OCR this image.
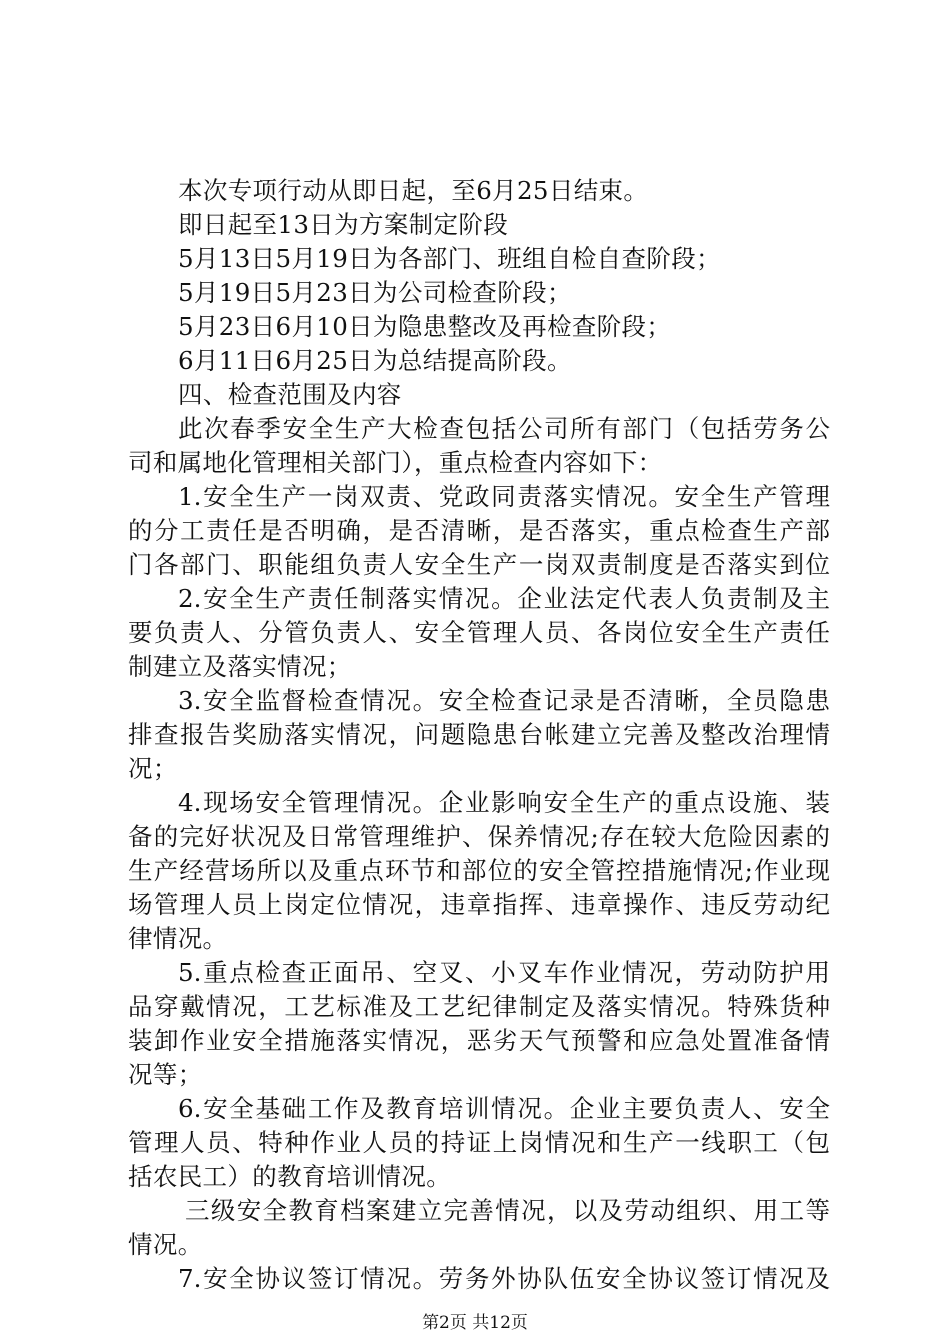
本次专项行动从即日起，至6月25日结束。
即日起至13日为方案制定阶段
5月13日5月19日为各部门、班组自检自查阶段；
5月19日5月23日为公司检查阶段；
5月23日6月10日为隐患整改及再检查阶段；
6月11日6月25日为总结提高阶段。
四、检查范围及内容
此次春季安全生产大检查包括公司所有部门（包括劳务公
司和属地化管理相关部门），重点检查内容如下：
1.安全生产一岗双责、党政同责落实情况。安全生产管理
的分工责任是否明确，是否清晰，是否落实，重点检查生产部
门各部门、职能组负责人安全生产一岗双责制度是否落实到位
2.安全生产责任制落实情况。企业法定代表人负责制及主
要负责人、分管负责人、安全管理人员、各岗位安全生产责任
制建立及落实情况；
3.安全监督检查情况。安全检查记录是否清晰，全员隐患
排查报告奖励落实情况，问题隐患台帐建立完善及整改治理情
况；
4.现场安全管理情况。企业影响安全生产的重点设施、装
备的完好状况及日常管理维护、保养情况;存在较大危险因素的
生产经营场所以及重点环节和部位的安全管控措施情况;作业现
场管理人员上岗定位情况，违章指挥、违章操作、违反劳动纪
律情况。
5.重点检查正面吊、空叉、小叉车作业情况，劳动防护用
品穿戴情况，工艺标准及工艺纪律制定及落实情况。特殊货种
装卸作业安全措施落实情况，恶劣天气预警和应急处置准备情
况等；
6.安全基础工作及教育培训情况。企业主要负责人、安全
管理人员、特种作业人员的持证上岗情况和生产一线职工（包
括农民工）的教育培训情况。
三级安全教育档案建立完善情况，以及劳动组织、用工等
情况。
7.安全协议签订情况。劳务外协队伍安全协议签订情况及
第2页 共12页
